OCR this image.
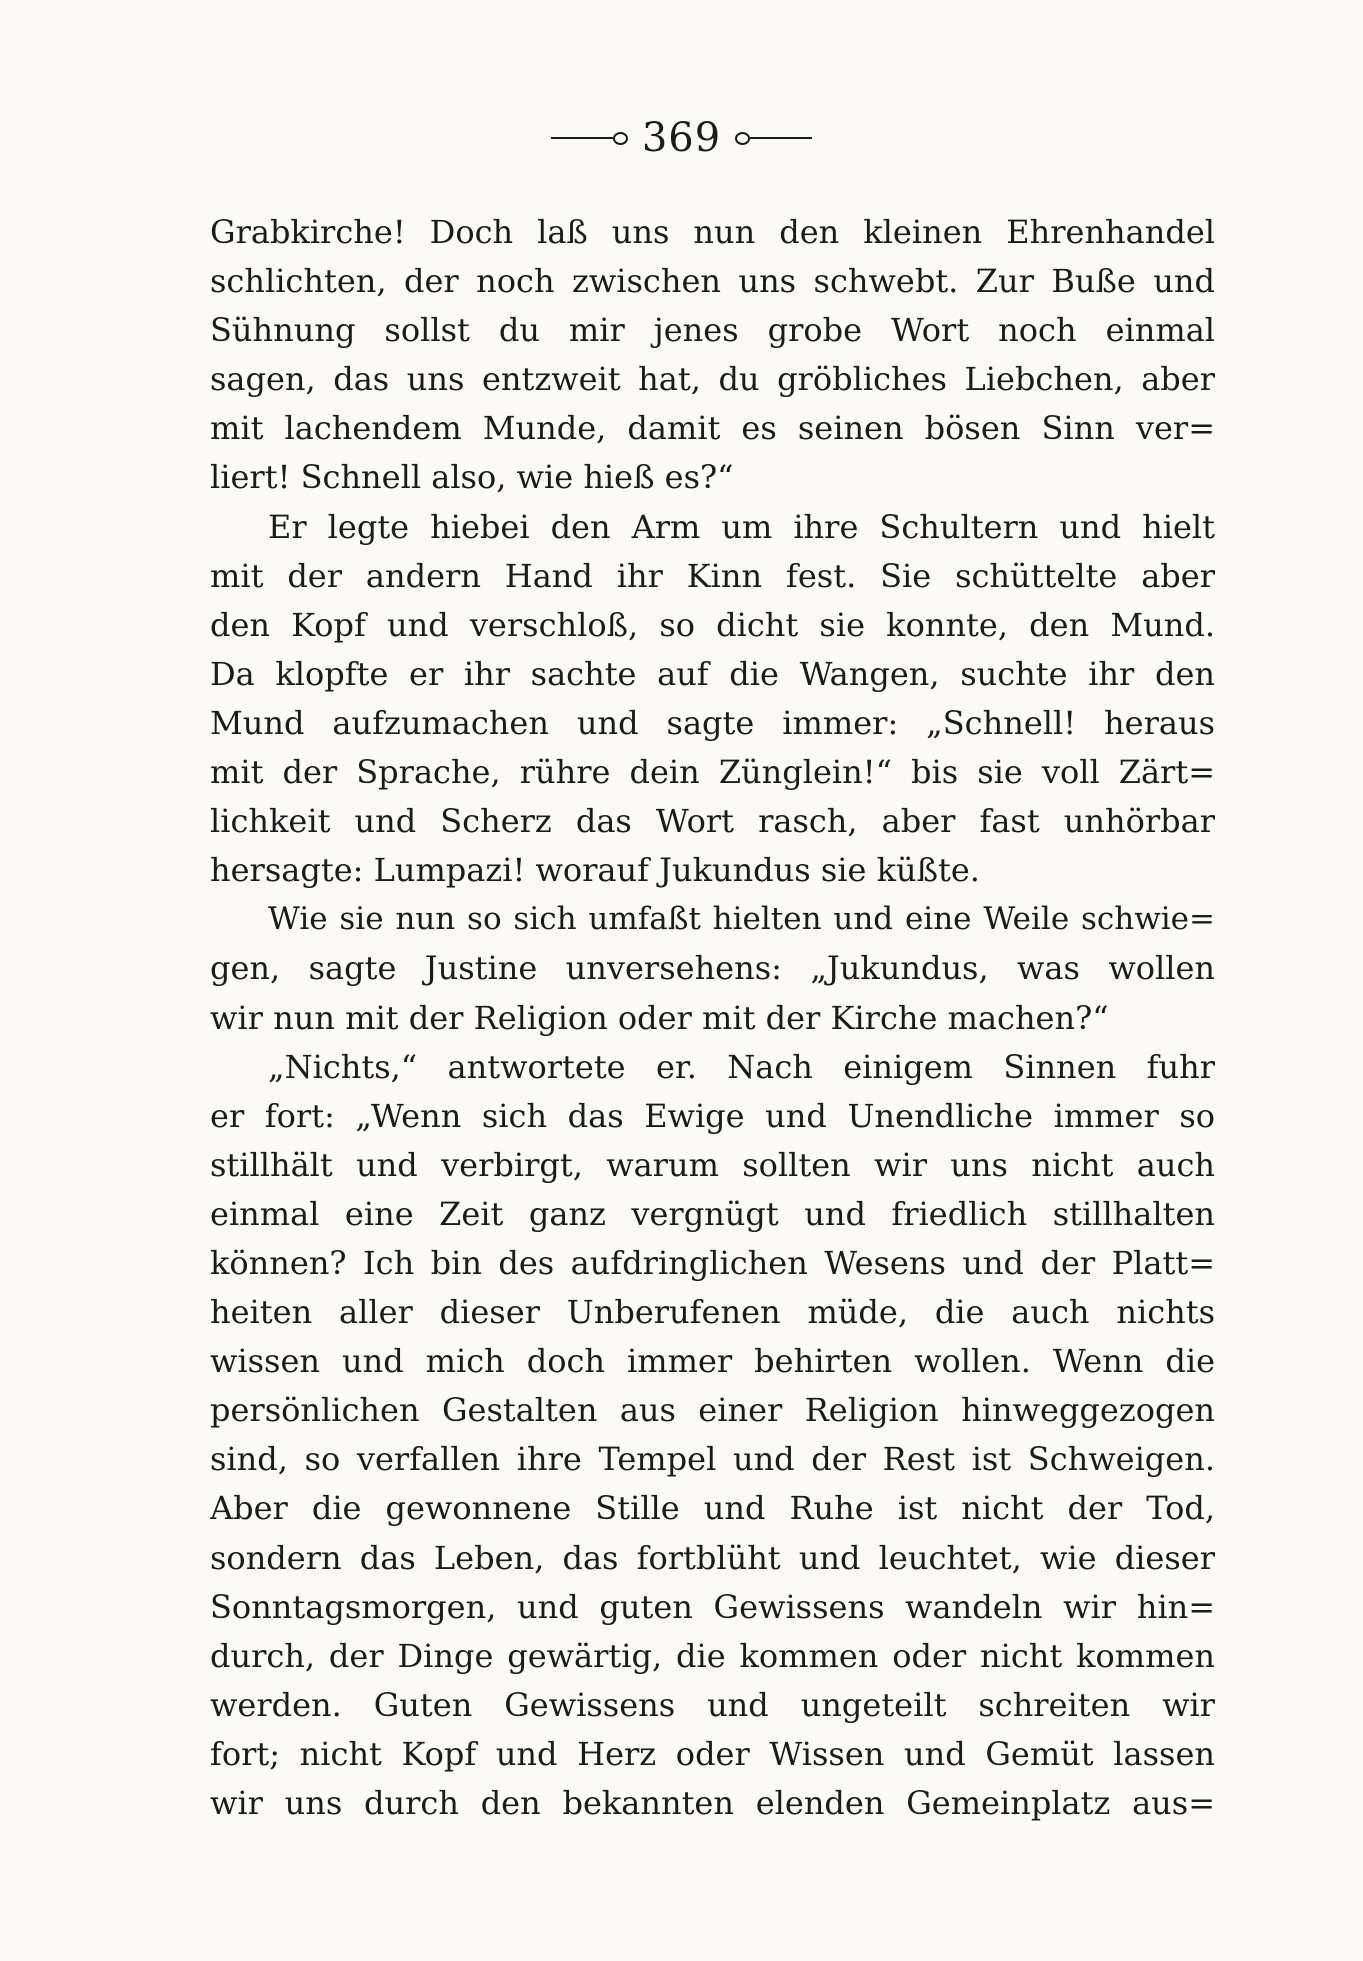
369
Grabkirche! Doch laß uns nun den kleinen Ehrenhandel
schlichten, der noch zwischen uns schwebt. Zur Buße und
Sühnung sollst du mir jenes grobe Wort noch einmal
sagen, das uns entzweit hat, du gröbliches Liebchen, aber
mit lachendem Munde, damit es seinen bösen Sinn ver=
liert! Schnell also, wie hieß es?“
Er legte hiebei den Arm um ihre Schultern und hielt
mit der andern Hand ihr Kinn fest. Sie schüttelte aber
den Kopf und verschloß, so dicht sie konnte, den Mund.
Da klopfte er ihr sachte auf die Wangen, suchte ihr den
Mund aufzumachen und sagte immer: „Schnell! heraus
mit der Sprache, rühre dein Zünglein!“ bis sie voll Zärt=
lichkeit und Scherz das Wort rasch, aber fast unhörbar
hersagte: Lumpazi! worauf Jukundus sie küßte.
Wie sie nun so sich umfaßt hielten und eine Weile schwie=
gen, sagte Justine unversehens: „Jukundus, was wollen
wir nun mit der Religion oder mit der Kirche machen?“
„Nichts,“ antwortete er. Nach einigem Sinnen fuhr
er fort: „Wenn sich das Ewige und Unendliche immer so
stillhält und verbirgt, warum sollten wir uns nicht auch
einmal eine Zeit ganz vergnügt und friedlich stillhalten
können? Ich bin des aufdringlichen Wesens und der Platt=
heiten aller dieser Unberufenen müde, die auch nichts
wissen und mich doch immer behirten wollen. Wenn die
persönlichen Gestalten aus einer Religion hinweggezogen
sind, so verfallen ihre Tempel und der Rest ist Schweigen.
Aber die gewonnene Stille und Ruhe ist nicht der Tod,
sondern das Leben, das fortblüht und leuchtet, wie dieser
Sonntagsmorgen, und guten Gewissens wandeln wir hin=
durch, der Dinge gewärtig, die kommen oder nicht kommen
werden. Guten Gewissens und ungeteilt schreiten wir
fort; nicht Kopf und Herz oder Wissen und Gemüt lassen
wir uns durch den bekannten elenden Gemeinplatz aus=
